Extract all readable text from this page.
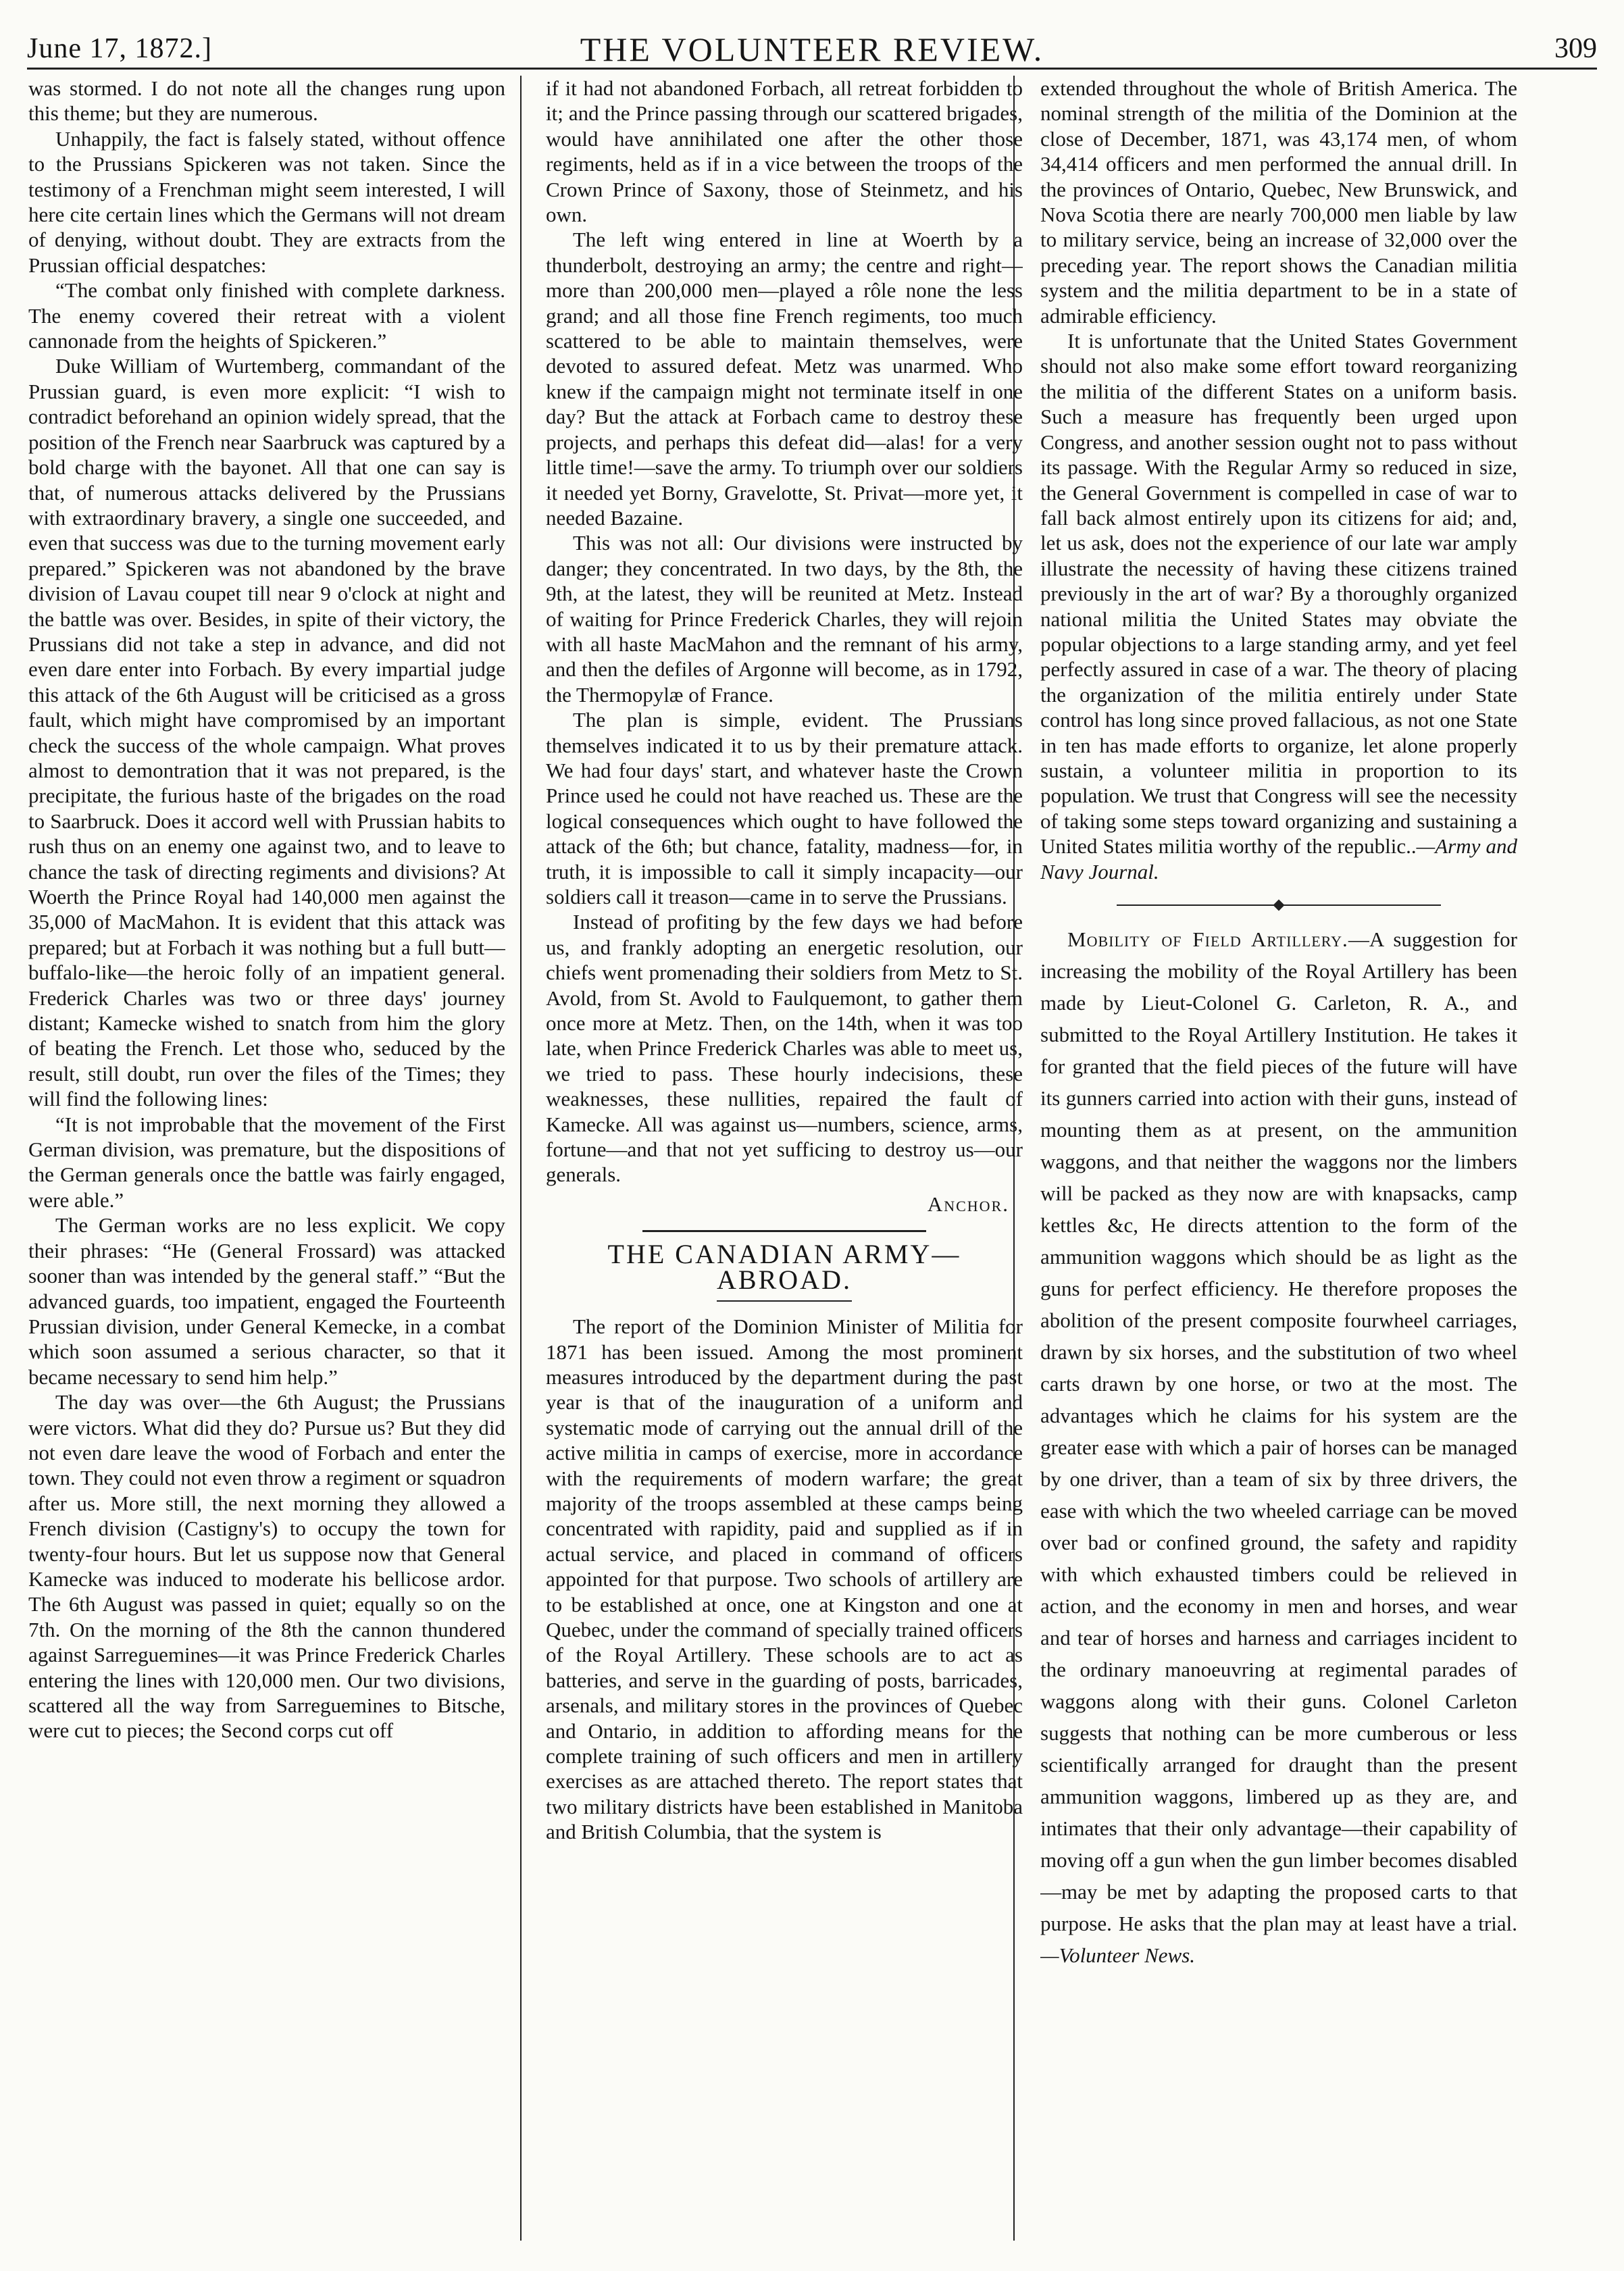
June 17, 1872.]	THE VOLUNTEER REVIEW.	309

was stormed. I do not note all the changes rung upon this theme; but they are numerous.

Unhappily, the fact is falsely stated, without offence to the Prussians Spickeren was not taken. Since the testimony of a Frenchman might seem interested, I will here cite certain lines which the Germans will not dream of denying, without doubt. They are extracts from the Prussian official despatches:

“The combat only finished with complete darkness. The enemy covered their retreat with a violent cannonade from the heights of Spickeren.”

Duke William of Wurtemberg, commandant of the Prussian guard, is even more explicit: “I wish to contradict beforehand an opinion widely spread, that the position of the French near Saarbruck was captured by a bold charge with the bayonet. All that one can say is that, of numerous attacks delivered by the Prussians with extraordinary bravery, a single one succeeded, and even that success was due to the turning movement early prepared.” Spickeren was not abandoned by the brave division of Lavau coupet till near 9 o'clock at night and the battle was over. Besides, in spite of their victory, the Prussians did not take a step in advance, and did not even dare enter into Forbach. By every impartial judge this attack of the 6th August will be criticised as a gross fault, which might have compromised by an important check the success of the whole campaign. What proves almost to demontration that it was not prepared, is the precipitate, the furious haste of the brigades on the road to Saarbruck. Does it accord well with Prussian habits to rush thus on an enemy one against two, and to leave to chance the task of directing regiments and divisions? At Woerth the Prince Royal had 140,000 men against the 35,000 of MacMahon. It is evident that this attack was prepared; but at Forbach it was nothing but a full butt—buffalo-like—the heroic folly of an impatient general. Frederick Charles was two or three days' journey distant; Kamecke wished to snatch from him the glory of beating the French. Let those who, seduced by the result, still doubt, run over the files of the Times; they will find the following lines:

“It is not improbable that the movement of the First German division, was premature, but the dispositions of the German generals once the battle was fairly engaged, were able.”

The German works are no less explicit. We copy their phrases: “He (General Frossard) was attacked sooner than was intended by the general staff.” “But the advanced guards, too impatient, engaged the Fourteenth Prussian division, under General Kemecke, in a combat which soon assumed a serious character, so that it became necessary to send him help.”

The day was over—the 6th August; the Prussians were victors. What did they do? Pursue us? But they did not even dare leave the wood of Forbach and enter the town. They could not even throw a regiment or squadron after us. More still, the next morning they allowed a French division (Castigny's) to occupy the town for twenty-four hours. But let us suppose now that General Kamecke was induced to moderate his bellicose ardor. The 6th August was passed in quiet; equally so on the 7th. On the morning of the 8th the cannon thundered against Sarreguemines—it was Prince Frederick Charles entering the lines with 120,000 men. Our two divisions, scattered all the way from Sarreguemines to Bitsche, were cut to pieces; the Second corps cut off

if it had not abandoned Forbach, all retreat forbidden to it; and the Prince passing through our scattered brigades, would have annihilated one after the other those regiments, held as if in a vice between the troops of the Crown Prince of Saxony, those of Steinmetz, and his own.

The left wing entered in line at Woerth by a thunderbolt, destroying an army; the centre and right—more than 200,000 men—played a rôle none the less grand; and all those fine French regiments, too much scattered to be able to maintain themselves, were devoted to assured defeat. Metz was unarmed. Who knew if the campaign might not terminate itself in one day? But the attack at Forbach came to destroy these projects, and perhaps this defeat did—alas! for a very little time!—save the army. To triumph over our soldiers it needed yet Borny, Gravelotte, St. Privat—more yet, it needed Bazaine.

This was not all: Our divisions were instructed by danger; they concentrated. In two days, by the 8th, the 9th, at the latest, they will be reunited at Metz. Instead of waiting for Prince Frederick Charles, they will rejoin with all haste MacMahon and the remnant of his army, and then the defiles of Argonne will become, as in 1792, the Thermopylæ of France.

The plan is simple, evident. The Prussians themselves indicated it to us by their premature attack. We had four days' start, and whatever haste the Crown Prince used he could not have reached us. These are the logical consequences which ought to have followed the attack of the 6th; but chance, fatality, madness—for, in truth, it is impossible to call it simply incapacity—our soldiers call it treason—came in to serve the Prussians.

Instead of profiting by the few days we had before us, and frankly adopting an energetic resolution, our chiefs went promenading their soldiers from Metz to St. Avold, from St. Avold to Faulquemont, to gather them once more at Metz. Then, on the 14th, when it was too late, when Prince Frederick Charles was able to meet us, we tried to pass. These hourly indecisions, these weaknesses, these nullities, repaired the fault of Kamecke. All was against us—numbers, science, arms, fortune—and that not yet sufficing to destroy us—our generals.

Anchor.
THE CANADIAN ARMY—ABROAD.

The report of the Dominion Minister of Militia for 1871 has been issued. Among the most prominent measures introduced by the department during the past year is that of the inauguration of a uniform and systematic mode of carrying out the annual drill of the active militia in camps of exercise, more in accordance with the requirements of modern warfare; the great majority of the troops assembled at these camps being concentrated with rapidity, paid and supplied as if in actual service, and placed in command of officers appointed for that purpose. Two schools of artillery are to be established at once, one at Kingston and one at Quebec, under the command of specially trained officers of the Royal Artillery. These schools are to act as batteries, and serve in the guarding of posts, barricades, arsenals, and military stores in the provinces of Quebec and Ontario, in addition to affording means for the complete training of such officers and men in artillery exercises as are attached thereto. The report states that two military districts have been established in Manitoba and British Columbia, that the system is

extended throughout the whole of British America. The nominal strength of the militia of the Dominion at the close of December, 1871, was 43,174 men, of whom 34,414 officers and men performed the annual drill. In the provinces of Ontario, Quebec, New Brunswick, and Nova Scotia there are nearly 700,000 men liable by law to military service, being an increase of 32,000 over the preceding year. The report shows the Canadian militia system and the militia department to be in a state of admirable efficiency.

It is unfortunate that the United States Government should not also make some effort toward reorganizing the militia of the different States on a uniform basis. Such a measure has frequently been urged upon Congress, and another session ought not to pass without its passage. With the Regular Army so reduced in size, the General Government is compelled in case of war to fall back almost entirely upon its citizens for aid; and, let us ask, does not the experience of our late war amply illustrate the necessity of having these citizens trained previously in the art of war? By a thoroughly organized national militia the United States may obviate the popular objections to a large standing army, and yet feel perfectly assured in case of a war. The theory of placing the organization of the militia entirely under State control has long since proved fallacious, as not one State in ten has made efforts to organize, let alone properly sustain, a volunteer militia in proportion to its population. We trust that Congress will see the necessity of taking some steps toward organizing and sustaining a United States militia worthy of the republic..—Army and Navy Journal.

Mobility of Field Artillery.—A suggestion for increasing the mobility of the Royal Artillery has been made by Lieut-Colonel G. Carleton, R. A., and submitted to the Royal Artillery Institution. He takes it for granted that the field pieces of the future will have its gunners carried into action with their guns, instead of mounting them as at present, on the ammunition waggons, and that neither the waggons nor the limbers will be packed as they now are with knapsacks, camp kettles &c, He directs attention to the form of the ammunition waggons which should be as light as the guns for perfect efficiency. He therefore proposes the abolition of the present composite fourwheel carriages, drawn by six horses, and the substitution of two wheel carts drawn by one horse, or two at the most. The advantages which he claims for his system are the greater ease with which a pair of horses can be managed by one driver, than a team of six by three drivers, the ease with which the two wheeled carriage can be moved over bad or confined ground, the safety and rapidity with which exhausted timbers could be relieved in action, and the economy in men and horses, and wear and tear of horses and harness and carriages incident to the ordinary manoeuvring at regimental parades of waggons along with their guns. Colonel Carleton suggests that nothing can be more cumberous or less scientifically arranged for draught than the present ammunition waggons, limbered up as they are, and intimates that their only advantage—their capability of moving off a gun when the gun limber becomes disabled—may be met by adapting the proposed carts to that purpose. He asks that the plan may at least have a trial.—Volunteer News.
